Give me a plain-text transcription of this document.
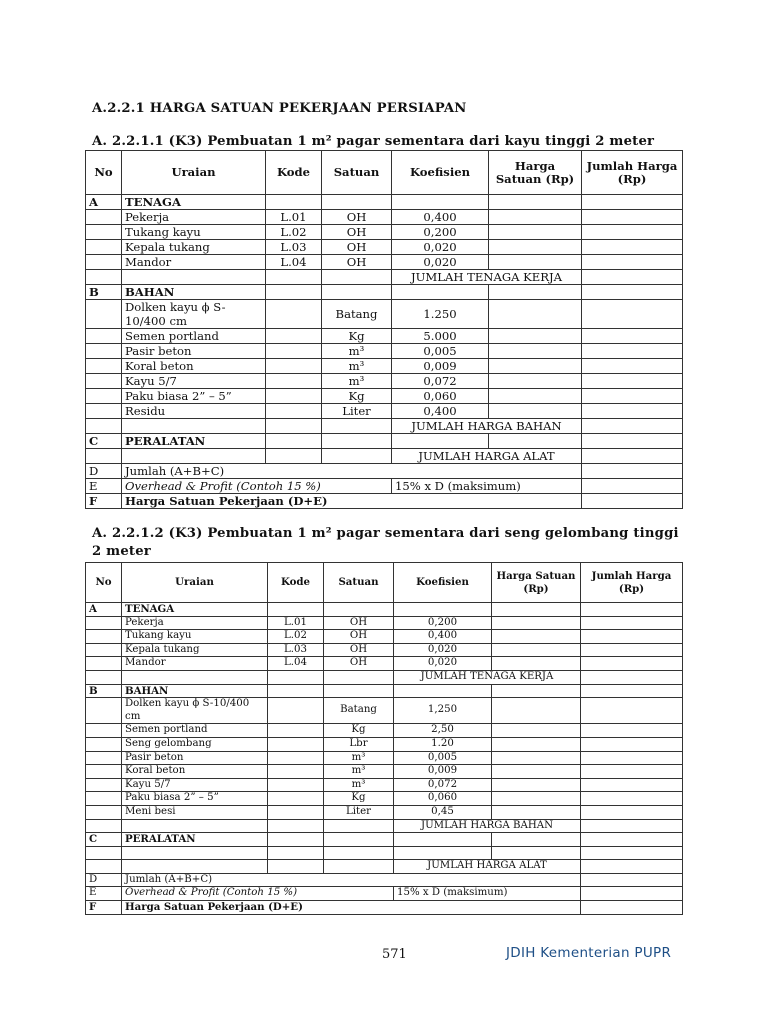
A.2.2.1 HARGA SATUAN PEKERJAAN PERSIAPAN
A. 2.2.1.1 (K3) Pembuatan 1 m² pagar sementara dari kayu tinggi 2 meter
No	Uraian	Kode	Satuan	Koefisien	Harga Satuan (Rp)	Jumlah Harga (Rp)
A	TENAGA					
	Pekerja	L.01	OH	0,400		
	Tukang kayu	L.02	OH	0,200		
	Kepala tukang	L.03	OH	0,020		
	Mandor	L.04	OH	0,020		
				JUMLAH TENAGA KERJA		
B	BAHAN					
	Dolken kayu ϕ S-10/400 cm		Batang	1.250		
	Semen portland		Kg	5.000		
	Pasir beton		m³	0,005		
	Koral beton		m³	0,009		
	Kayu 5/7		m³	0,072		
	Paku biasa 2” – 5”		Kg	0,060		
	Residu		Liter	0,400		
				JUMLAH HARGA BAHAN		
C	PERALATAN					
				JUMLAH HARGA ALAT		
D	Jumlah (A+B+C)					
E	Overhead & Profit (Contoh 15 %)			15% x D (maksimum)		
F	Harga Satuan Pekerjaan (D+E)					
A. 2.2.1.2 (K3) Pembuatan 1 m² pagar sementara dari seng gelombang tinggi 2 meter
No	Uraian	Kode	Satuan	Koefisien	Harga Satuan (Rp)	Jumlah Harga (Rp)
A	TENAGA					
	Pekerja	L.01	OH	0,200		
	Tukang kayu	L.02	OH	0,400		
	Kepala tukang	L.03	OH	0,020		
	Mandor	L.04	OH	0,020		
				JUMLAH TENAGA KERJA		
B	BAHAN					
	Dolken kayu ϕ S-10/400 cm		Batang	1,250		
	Semen portland		Kg	2,50		
	Seng gelombang		Lbr	1.20		
	Pasir beton		m³	0,005		
	Koral beton		m³	0,009		
	Kayu 5/7		m³	0,072		
	Paku biasa 2” – 5”		Kg	0,060		
	Meni besi		Liter	0,45		
				JUMLAH HARGA BAHAN		
C	PERALATAN					

				JUMLAH HARGA ALAT		
D	Jumlah (A+B+C)					
E	Overhead & Profit (Contoh 15 %)			15% x D (maksimum)		
F	Harga Satuan Pekerjaan (D+E)					
571	JDIH Kementerian PUPR
